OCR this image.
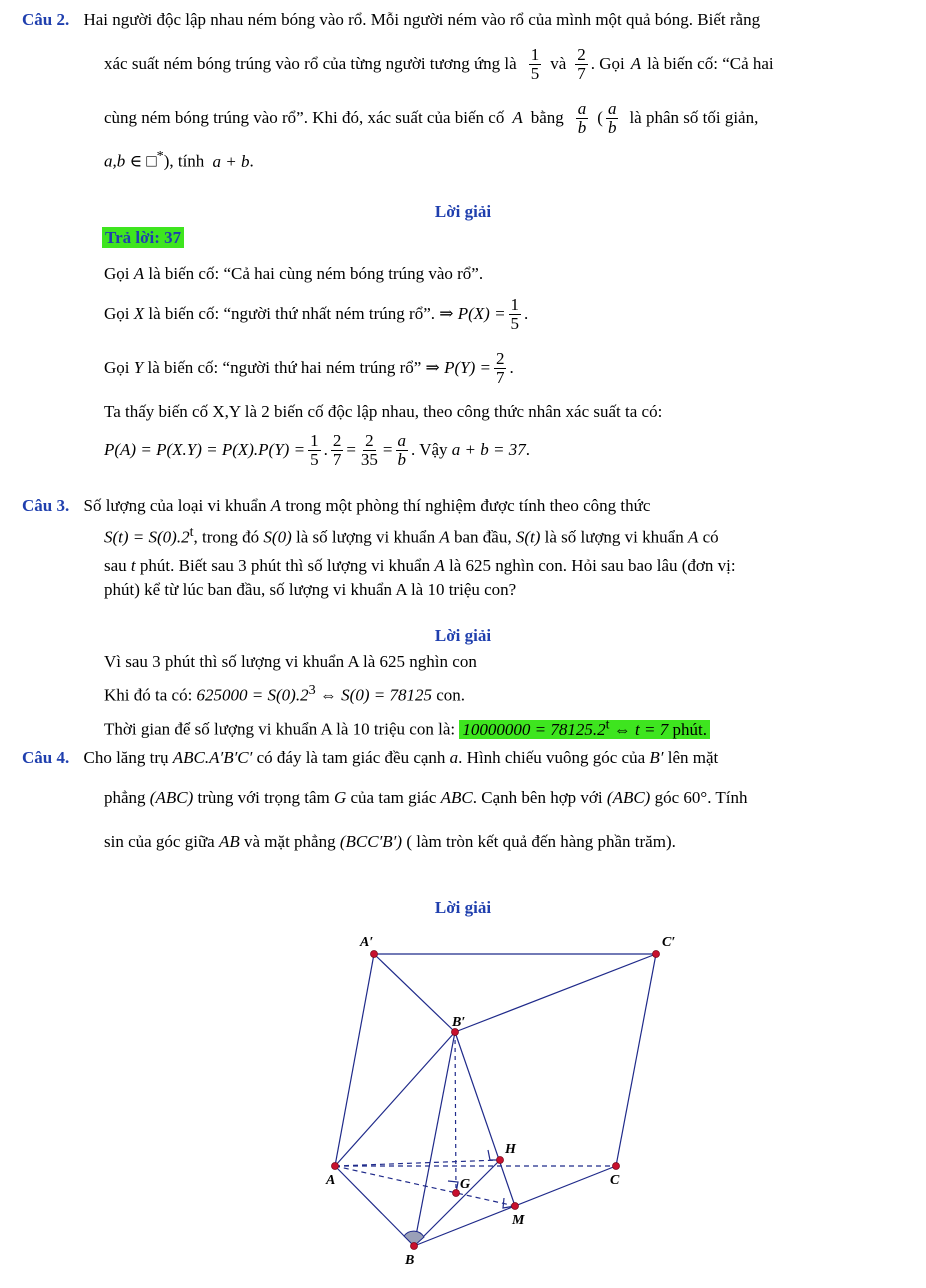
Câu 2. Hai người độc lập nhau ném bóng vào rổ. Mỗi người ném vào rổ của mình một quả bóng. Biết rằng
xác suất ném bóng trúng vào rổ của từng người tương ứng là $\frac{1}{5}$ và $\frac{2}{7}$ . Gọi A là biến cố: “Cả hai
cùng ném bóng trúng vào rổ”. Khi đó, xác suất của biến cố A bằng $\frac{a}{b}$ ( $\frac{a}{b}$ là phân số tối giản,
a,b ∈ □*), tính a + b.
Lời giải
Trả lời: 37
Gọi A là biến cố: “Cả hai cùng ném bóng trúng vào rổ”.
Gọi
X
là biến cố: “người thứ nhất ném trúng rổ”. ⇒
$P(X) = \frac{1}{5}$ .
Gọi
Y
là biến cố: “người thứ hai ném trúng rổ” ⇒
$P(Y) = \frac{2}{7}$ .
Ta thấy biến cố X,Y là 2 biến cố độc lập nhau, theo công thức nhân xác suất ta có:
$P(A) = P(X.Y) = P(X).P(Y) = \frac{1}{5}$ . $\frac{2}{7} = \frac{2}{35} = \frac{a}{b}$ . Vậy
a + b = 37 .
Câu 3. Số lượng của loại vi khuẩn A trong một phòng thí nghiệm được tính theo công thức
$S(t) = S(0).2^t$, trong đó S(0) là số lượng vi khuẩn A ban đầu, S(t) là số lượng vi khuẩn A có
sau t phút. Biết sau 3 phút thì số lượng vi khuẩn A là 625 nghìn con. Hỏi sau bao lâu (đơn vị:
phút) kể từ lúc ban đầu, số lượng vi khuẩn A là 10 triệu con?
Lời giải
Vì sau 3 phút thì số lượng vi khuẩn A là 625 nghìn con
Khi đó ta có: $625000 = S(0).2^3$ ⇔ S(0) = 78125 con.
Thời gian để số lượng vi khuẩn A là 10 triệu con là: $10000000 = 78125.2^t$ ⇔ t = 7 phút.
Câu 4. Cho lăng trụ ABC.A′B′C′ có đáy là tam giác đều cạnh a. Hình chiếu vuông góc của B′ lên mặt
phẳng (ABC) trùng với trọng tâm G của tam giác ABC. Cạnh bên hợp với (ABC) góc 60°. Tính
sin của góc giữa AB và mặt phẳng (BCC′B′) ( làm tròn kết quả đến hàng phần trăm).
Lời giải
A′	C′
B′
H
A	C
G
M
B
